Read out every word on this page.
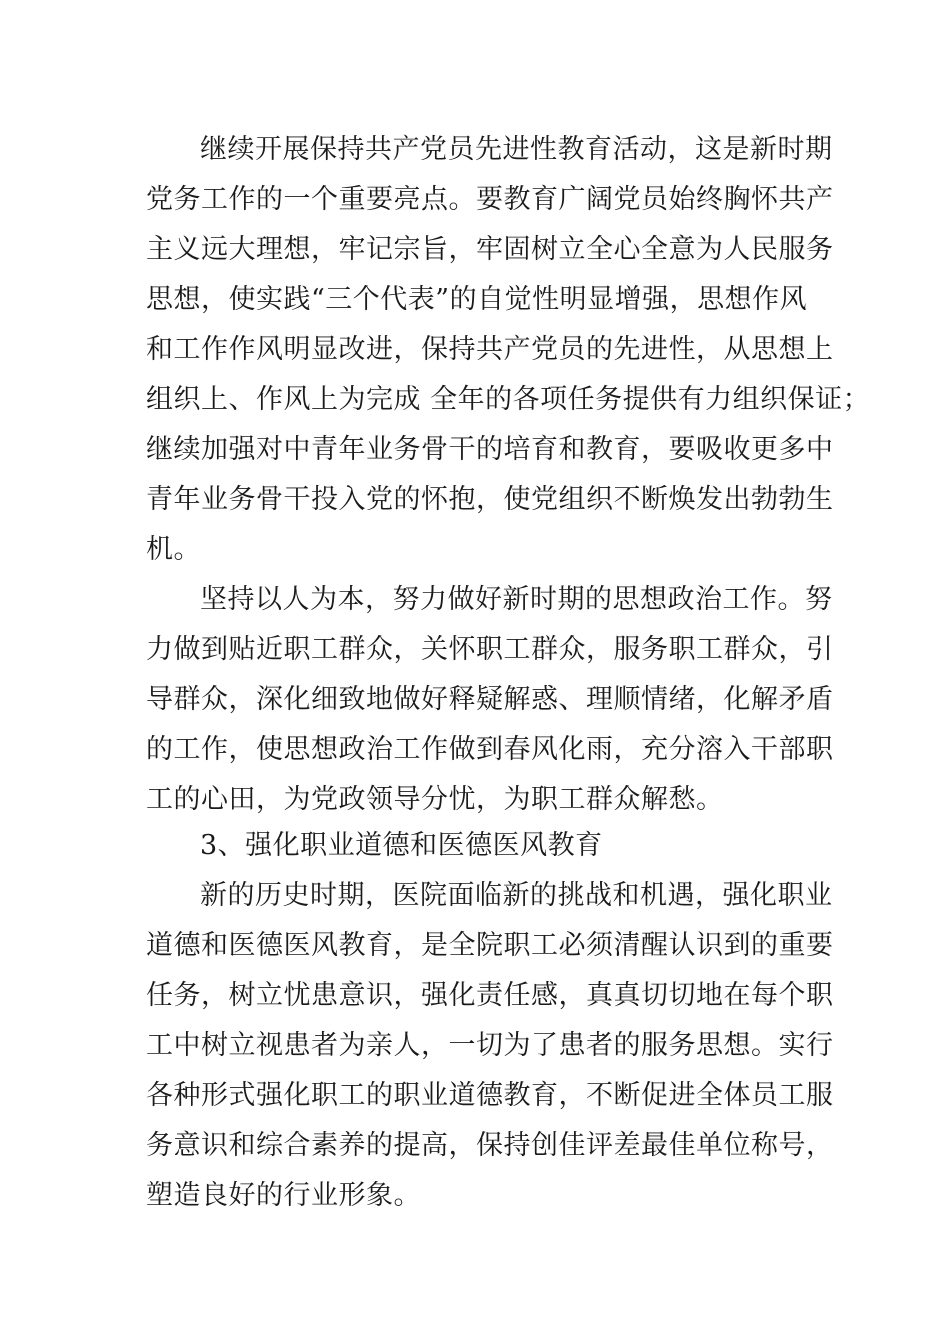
继续开展保持共产党员先进性教育活动，这是新时期
党务工作的一个重要亮点。要教育广阔党员始终胸怀共产
主义远大理想，牢记宗旨，牢固树立全心全意为人民服务
思想，使实践“三个代表”的自觉性明显增强，思想作风
和工作作风明显改进，保持共产党员的先进性，从思想上
组织上、作风上为完成 全年的各项任务提供有力组织保证；
继续加强对中青年业务骨干的培育和教育，要吸收更多中
青年业务骨干投入党的怀抱，使党组织不断焕发出勃勃生
机。
坚持以人为本，努力做好新时期的思想政治工作。努
力做到贴近职工群众，关怀职工群众，服务职工群众，引
导群众，深化细致地做好释疑解惑、理顺情绪，化解矛盾
的工作，使思想政治工作做到春风化雨，充分溶入干部职
工的心田，为党政领导分忧，为职工群众解愁。
3、强化职业道德和医德医风教育
新的历史时期，医院面临新的挑战和机遇，强化职业
道德和医德医风教育，是全院职工必须清醒认识到的重要
任务，树立忧患意识，强化责任感，真真切切地在每个职
工中树立视患者为亲人，一切为了患者的服务思想。实行
各种形式强化职工的职业道德教育，不断促进全体员工服
务意识和综合素养的提高，保持创佳评差最佳单位称号，
塑造良好的行业形象。
